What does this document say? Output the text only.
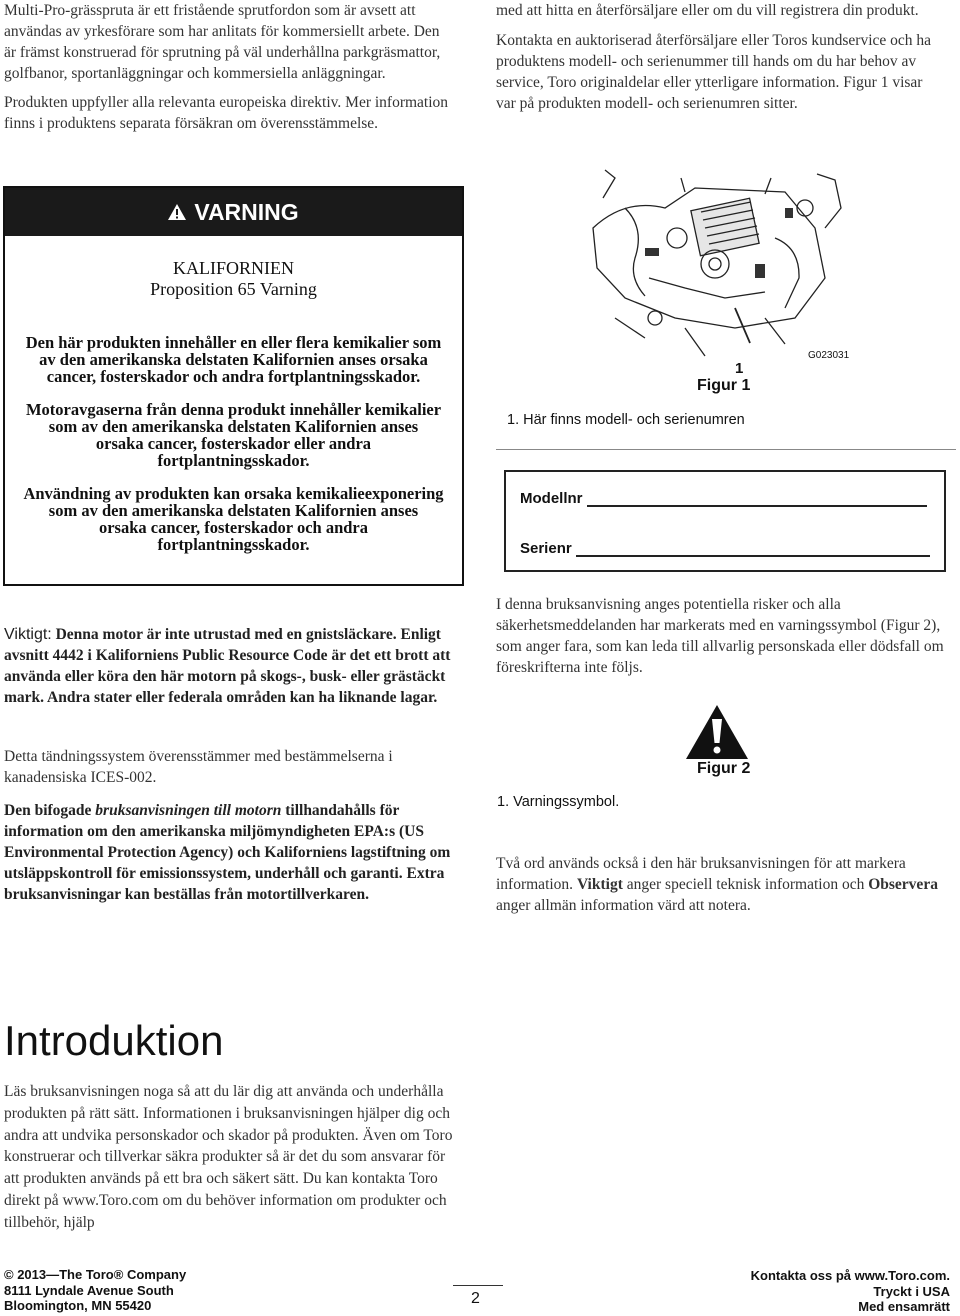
Multi-Pro-grässpruta är ett fristående sprutfordon som är avsett att användas av yrkesförare som har anlitats för kommersiellt arbete. Den är främst konstruerad för sprutning på väl underhållna parkgräsmattor, golfbanor, sportanläggningar och kommersiella anläggningar.

Produkten uppfyller alla relevanta europeiska direktiv. Mer information finns i produktens separata försäkran om överensstämmelse.

VARNING
KALIFORNIEN
Proposition 65 Varning

Den här produkten innehåller en eller flera kemikalier som av den amerikanska delstaten Kalifornien anses orsaka cancer, fosterskador och andra fortplantningsskador.

Motoravgaserna från denna produkt innehåller kemikalier som av den amerikanska delstaten Kalifornien anses orsaka cancer, fosterskador eller andra fortplantningsskador.

Användning av produkten kan orsaka kemikalieexponering som av den amerikanska delstaten Kalifornien anses orsaka cancer, fosterskador och andra fortplantningsskador.

Viktigt: Denna motor är inte utrustad med en gnistsläckare. Enligt avsnitt 4442 i Kaliforniens Public Resource Code är det ett brott att använda eller köra den här motorn på skogs-, busk- eller grästäckt mark. Andra stater eller federala områden kan ha liknande lagar.

Detta tändningssystem överensstämmer med bestämmelserna i kanadensiska ICES-002.

Den bifogade bruksanvisningen till motorn tillhandahålls för information om den amerikanska miljömyndigheten EPA:s (US Environmental Protection Agency) och Kaliforniens lagstiftning om utsläppskontroll för emissionssystem, underhåll och garanti. Extra bruksanvisningar kan beställas från motortillverkaren.

Introduktion

Läs bruksanvisningen noga så att du lär dig att använda och underhålla produkten på rätt sätt. Informationen i bruksanvisningen hjälper dig och andra att undvika personskador och skador på produkten. Även om Toro konstruerar och tillverkar säkra produkter så är det du som ansvarar för att produkten används på ett bra och säkert sätt. Du kan kontakta Toro direkt på www.Toro.com om du behöver information om produkter och tillbehör, hjälp

med att hitta en återförsäljare eller om du vill registrera din produkt.

Kontakta en auktoriserad återförsäljare eller Toros kundservice och ha produktens modell- och serienummer till hands om du har behov av service, Toro originaldelar eller ytterligare information. Figur 1 visar var på produkten modell- och serienumren sitter.

1
G023031
Figur 1
1. Här finns modell- och serienumren
Modellnr
Serienr

I denna bruksanvisning anges potentiella risker och alla säkerhetsmeddelanden har markerats med en varningssymbol (Figur 2), som anger fara, som kan leda till allvarlig personskada eller dödsfall om föreskrifterna inte följs.

Figur 2
1. Varningssymbol.

Två ord används också i den här bruksanvisningen för att markera information. Viktigt anger speciell teknisk information och Observera anger allmän information värd att notera.

© 2013—The Toro® Company
8111 Lyndale Avenue South
Bloomington, MN 55420	2
Kontakta oss på www.Toro.com.
Tryckt i USA
Med ensamrätt
